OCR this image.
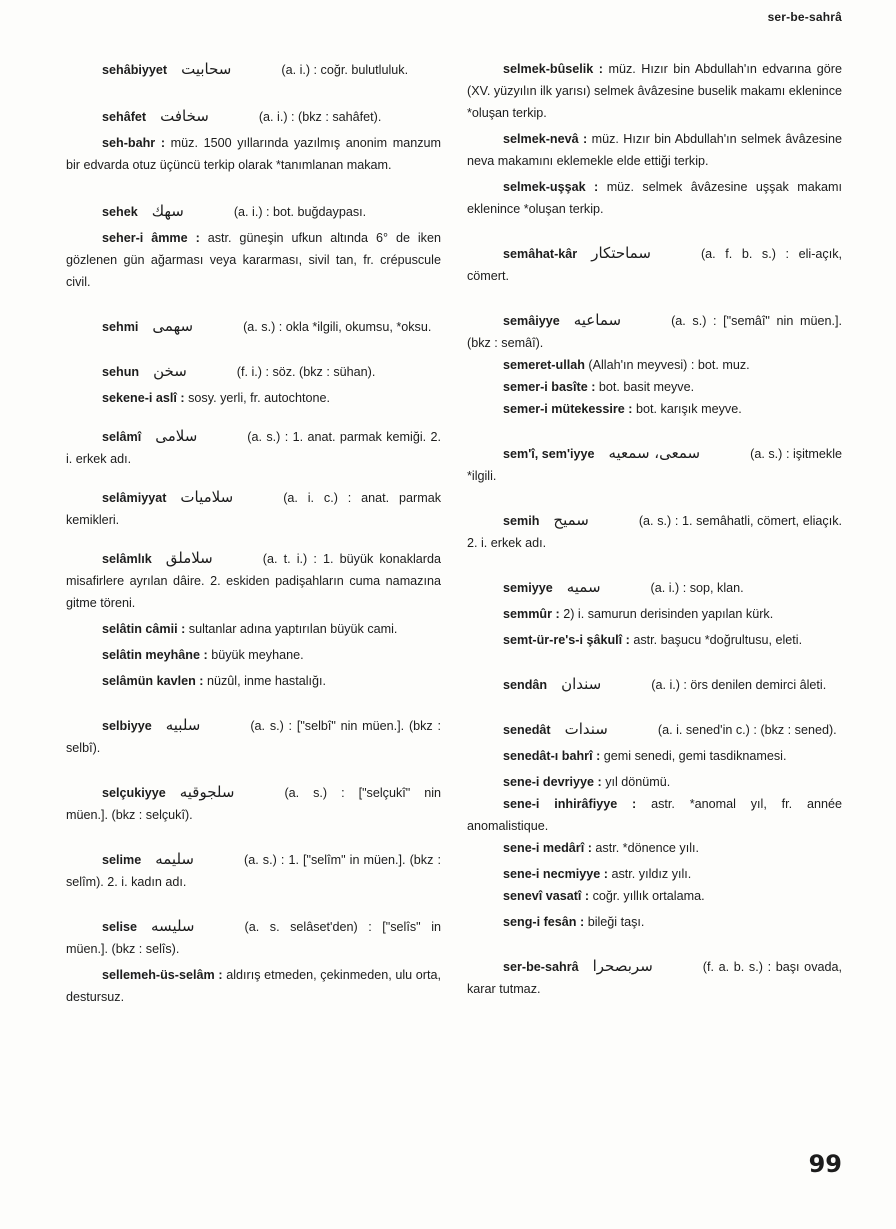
ser-be-sahrâ
sehâbiyyet سحابيت	(a. i.) : coğr. bulutluluk.
sehâfet سخافت	(a. i.) : (bkz : sahâfet).
seh-bahr : müz. 1500 yıllarında yazılmış anonim manzum bir edvarda otuz üçüncü terkip olarak *tanımlanan makam.
sehek سهك	(a. i.) : bot. buğdaypası.
seher-i âmme : astr. güneşin ufkun altında 6° de iken gözlenen gün ağarması veya kararması, sivil tan, fr. crépuscule civil.
sehmi سهمى	(a. s.) : okla *ilgili, okumsu, *oksu.
sehun سخن	(f. i.) : söz. (bkz : sühan).
sekene-i aslî : sosy. yerli, fr. autochtone.
selâmî سلامى	(a. s.) : 1. anat. parmak kemiği. 2. i. erkek adı.
selâmiyyat سلاميات	(a. i. c.) : anat. parmak kemikleri.
selâmlık سلاملق	(a. t. i.) : 1. büyük konaklarda misafirlere ayrılan dâire. 2. eskiden padişahların cuma namazına gitme töreni.
selâtin câmii : sultanlar adına yaptırılan büyük cami.
selâtin meyhâne : büyük meyhane.
selâmün kavlen : nüzûl, inme hastalığı.
selbiyye سلبيه	(a. s.) : ["selbî" nin müen.]. (bkz : selbî).
selçukiyye سلجوقيه	(a. s.) : ["selçukî" nin müen.]. (bkz : selçukî).
selime سليمه	(a. s.) : 1. ["selîm" in müen.]. (bkz : selîm). 2. i. kadın adı.
selise سليسه	(a. s. selâset'den) : ["selîs" in müen.]. (bkz : selîs).
sellemeh-üs-selâm : aldırış etmeden, çekinmeden, ulu orta, destursuz.
selmek-bûselik : müz. Hızır bin Abdullah'ın edvarına göre (XV. yüzyılın ilk yarısı) selmek âvâzesine buselik makamı eklenince *oluşan terkip.
selmek-nevâ : müz. Hızır bin Abdullah'ın selmek âvâzesine neva makamını eklemekle elde ettiği terkip.
selmek-uşşak : müz. selmek âvâzesine uşşak makamı eklenince *oluşan terkip.
semâhat-kâr سماحتكار	(a. f. b. s.) : eli-açık, cömert.
semâiyye سماعيه	(a. s.) : ["semâî" nin müen.]. (bkz : semâî).
semeret-ullah (Allah'ın meyvesi) : bot. muz.
semer-i basîte : bot. basit meyve.
semer-i mütekessire : bot. karışık meyve.
sem'î, sem'iyye سمعى، سمعيه	(a. s.) : işitmekle *ilgili.
semih سميح	(a. s.) : 1. semâhatli, cömert, eliaçık. 2. i. erkek adı.
semiyye سميه	(a. i.) : sop, klan.
semmûr : 2) i. samurun derisinden yapılan kürk.
semt-ür-re's-i şâkulî : astr. başucu *doğrultusu, eleti.
sendân سندان	(a. i.) : örs denilen demirci âleti.
senedât سندات	(a. i. sened'in c.) : (bkz : sened).
senedât-ı bahrî : gemi senedi, gemi tasdiknamesi.
sene-i devriyye : yıl dönümü.
sene-i inhirâfiyye : astr. *anomal yıl, fr. année anomalistique.
sene-i medârî : astr. *dönence yılı.
sene-i necmiyye : astr. yıldız yılı.
senevî vasatî : coğr. yıllık ortalama.
seng-i fesân : bileği taşı.
ser-be-sahrâ سربصحرا	(f. a. b. s.) : başı ovada, karar tutmaz.
99
